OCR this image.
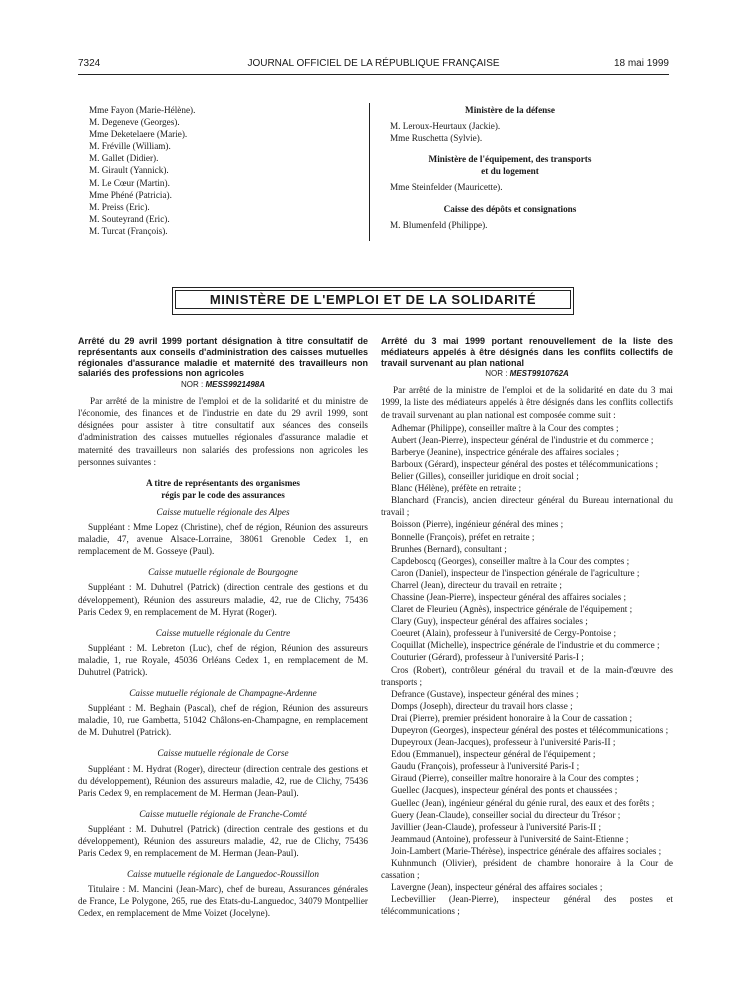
7324	JOURNAL OFFICIEL DE LA RÉPUBLIQUE FRANÇAISE	18 mai 1999

Mme Fayon (Marie-Hélène).

M. Degeneve (Georges).

Mme Deketelaere (Marie).

M. Fréville (William).

M. Gallet (Didier).

M. Girault (Yannick).

M. Le Cœur (Martin).

Mme Phéné (Patricia).

M. Preiss (Eric).

M. Souteyrand (Eric).

M. Turcat (François).

Ministère de la défense

M. Leroux-Heurtaux (Jackie).

Mme Ruschetta (Sylvie).

Ministère de l'équipement, des transports

et du logement

Mme Steinfelder (Mauricette).

Caisse des dépôts et consignations

M. Blumenfeld (Philippe).

MINISTÈRE DE L'EMPLOI ET DE LA SOLIDARITÉ

Arrêté du 29 avril 1999 portant désignation à titre consultatif de représentants aux conseils d'administration des caisses mutuelles régionales d'assurance maladie et maternité des travailleurs non salariés des professions non agricoles

NOR : MESS9921498A

Par arrêté de la ministre de l'emploi et de la solidarité et du ministre de l'économie, des finances et de l'industrie en date du 29 avril 1999, sont désignées pour assister à titre consultatif aux séances des conseils d'administration des caisses mutuelles régionales d'assurance maladie et maternité des travailleurs non salariés des professions non agricoles les personnes suivantes :

A titre de représentants des organismes

régis par le code des assurances

Caisse mutuelle régionale des Alpes

Suppléant : Mme Lopez (Christine), chef de région, Réunion des assureurs maladie, 47, avenue Alsace-Lorraine, 38061 Grenoble Cedex 1, en remplacement de M. Gosseye (Paul).

Caisse mutuelle régionale de Bourgogne

Suppléant : M. Duhutrel (Patrick) (direction centrale des gestions et du développement), Réunion des assureurs maladie, 42, rue de Clichy, 75436 Paris Cedex 9, en remplacement de M. Hyrat (Roger).

Caisse mutuelle régionale du Centre

Suppléant : M. Lebreton (Luc), chef de région, Réunion des assureurs maladie, 1, rue Royale, 45036 Orléans Cedex 1, en remplacement de M. Duhutrel (Patrick).

Caisse mutuelle régionale de Champagne-Ardenne

Suppléant : M. Beghain (Pascal), chef de région, Réunion des assureurs maladie, 10, rue Gambetta, 51042 Châlons-en-Champagne, en remplacement de M. Duhutrel (Patrick).

Caisse mutuelle régionale de Corse

Suppléant : M. Hydrat (Roger), directeur (direction centrale des gestions et du développement), Réunion des assureurs maladie, 42, rue de Clichy, 75436 Paris Cedex 9, en remplacement de M. Herman (Jean-Paul).

Caisse mutuelle régionale de Franche-Comté

Suppléant : M. Duhutrel (Patrick) (direction centrale des gestions et du développement), Réunion des assureurs maladie, 42, rue de Clichy, 75436 Paris Cedex 9, en remplacement de M. Herman (Jean-Paul).

Caisse mutuelle régionale de Languedoc-Roussillon

Titulaire : M. Mancini (Jean-Marc), chef de bureau, Assurances générales de France, Le Polygone, 265, rue des Etats-du-Languedoc, 34079 Montpellier Cedex, en remplacement de Mme Voizet (Jocelyne).

Arrêté du 3 mai 1999 portant renouvellement de la liste des médiateurs appelés à être désignés dans les conflits collectifs de travail survenant au plan national

NOR : MEST9910762A

Par arrêté de la ministre de l'emploi et de la solidarité en date du 3 mai 1999, la liste des médiateurs appelés à être désignés dans les conflits collectifs de travail survenant au plan national est composée comme suit :

Adhemar (Philippe), conseiller maître à la Cour des comptes ;

Aubert (Jean-Pierre), inspecteur général de l'industrie et du commerce ;

Barberye (Jeanine), inspectrice générale des affaires sociales ;

Barboux (Gérard), inspecteur général des postes et télécommunications ;

Belier (Gilles), conseiller juridique en droit social ;

Blanc (Hélène), préfète en retraite ;

Blanchard (Francis), ancien directeur général du Bureau international du travail ;

Boisson (Pierre), ingénieur général des mines ;

Bonnelle (François), préfet en retraite ;

Brunhes (Bernard), consultant ;

Capdeboscq (Georges), conseiller maître à la Cour des comptes ;

Caron (Daniel), inspecteur de l'inspection générale de l'agriculture ;

Charrel (Jean), directeur du travail en retraite ;

Chassine (Jean-Pierre), inspecteur général des affaires sociales ;

Claret de Fleurieu (Agnès), inspectrice générale de l'équipement ;

Clary (Guy), inspecteur général des affaires sociales ;

Coeuret (Alain), professeur à l'université de Cergy-Pontoise ;

Coquillat (Michelle), inspectrice générale de l'industrie et du commerce ;

Couturier (Gérard), professeur à l'université Paris-I ;

Cros (Robert), contrôleur général du travail et de la main-d'œuvre des transports ;

Defrance (Gustave), inspecteur général des mines ;

Domps (Joseph), directeur du travail hors classe ;

Drai (Pierre), premier président honoraire à la Cour de cassation ;

Dupeyron (Georges), inspecteur général des postes et télécommunications ;

Dupeyroux (Jean-Jacques), professeur à l'université Paris-II ;

Edou (Emmanuel), inspecteur général de l'équipement ;

Gaudu (François), professeur à l'université Paris-I ;

Giraud (Pierre), conseiller maître honoraire à la Cour des comptes ;

Guellec (Jacques), inspecteur général des ponts et chaussées ;

Guellec (Jean), ingénieur général du génie rural, des eaux et des forêts ;

Guery (Jean-Claude), conseiller social du directeur du Trésor ;

Javillier (Jean-Claude), professeur à l'université Paris-II ;

Jeammaud (Antoine), professeur à l'université de Saint-Etienne ;

Join-Lambert (Marie-Thérèse), inspectrice générale des affaires sociales ;

Kuhnmunch (Olivier), président de chambre honoraire à la Cour de cassation ;

Lavergne (Jean), inspecteur général des affaires sociales ;

Lecbevillier (Jean-Pierre), inspecteur général des postes et télécommunications ;
